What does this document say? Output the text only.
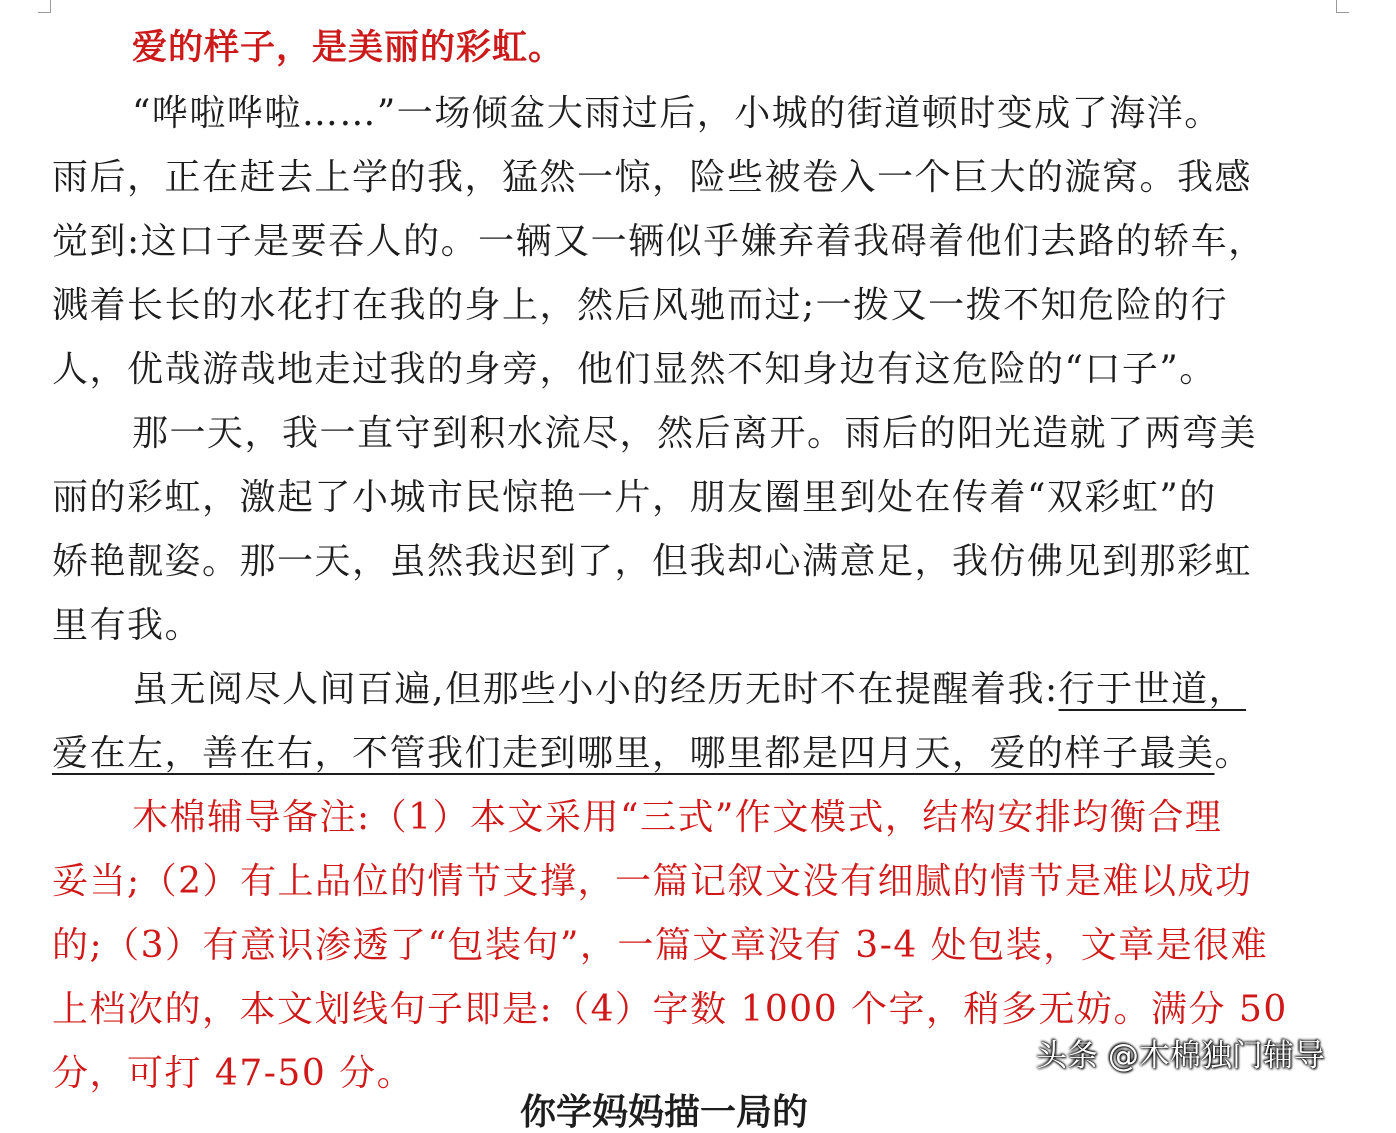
爱的样子，是美丽的彩虹。
“哗啦哗啦……”一场倾盆大雨过后，小城的街道顿时变成了海洋。
雨后，正在赶去上学的我，猛然一惊，险些被卷入一个巨大的漩窝。我感
觉到:这口子是要吞人的。一辆又一辆似乎嫌弃着我碍着他们去路的轿车，
溅着长长的水花打在我的身上，然后风驰而过;一拨又一拨不知危险的行
人，优哉游哉地走过我的身旁，他们显然不知身边有这危险的“口子”。
那一天，我一直守到积水流尽，然后离开。雨后的阳光造就了两弯美
丽的彩虹，激起了小城市民惊艳一片，朋友圈里到处在传着“双彩虹”的
娇艳靓姿。那一天，虽然我迟到了，但我却心满意足，我仿佛见到那彩虹
里有我。
虽无阅尽人间百遍,但那些小小的经历无时不在提醒着我:行于世道，
爱在左，善在右，不管我们走到哪里，哪里都是四月天，爱的样子最美。
木棉辅导备注:（1）本文采用“三式”作文模式，结构安排均衡合理
妥当;（2）有上品位的情节支撑，一篇记叙文没有细腻的情节是难以成功
的;（3）有意识渗透了“包装句”，一篇文章没有 3-4 处包装，文章是很难
上档次的，本文划线句子即是:（4）字数 1000 个字，稍多无妨。满分 50
分，可打 47-50 分。
你学妈妈描一局的
头条 @木棉独门辅导
